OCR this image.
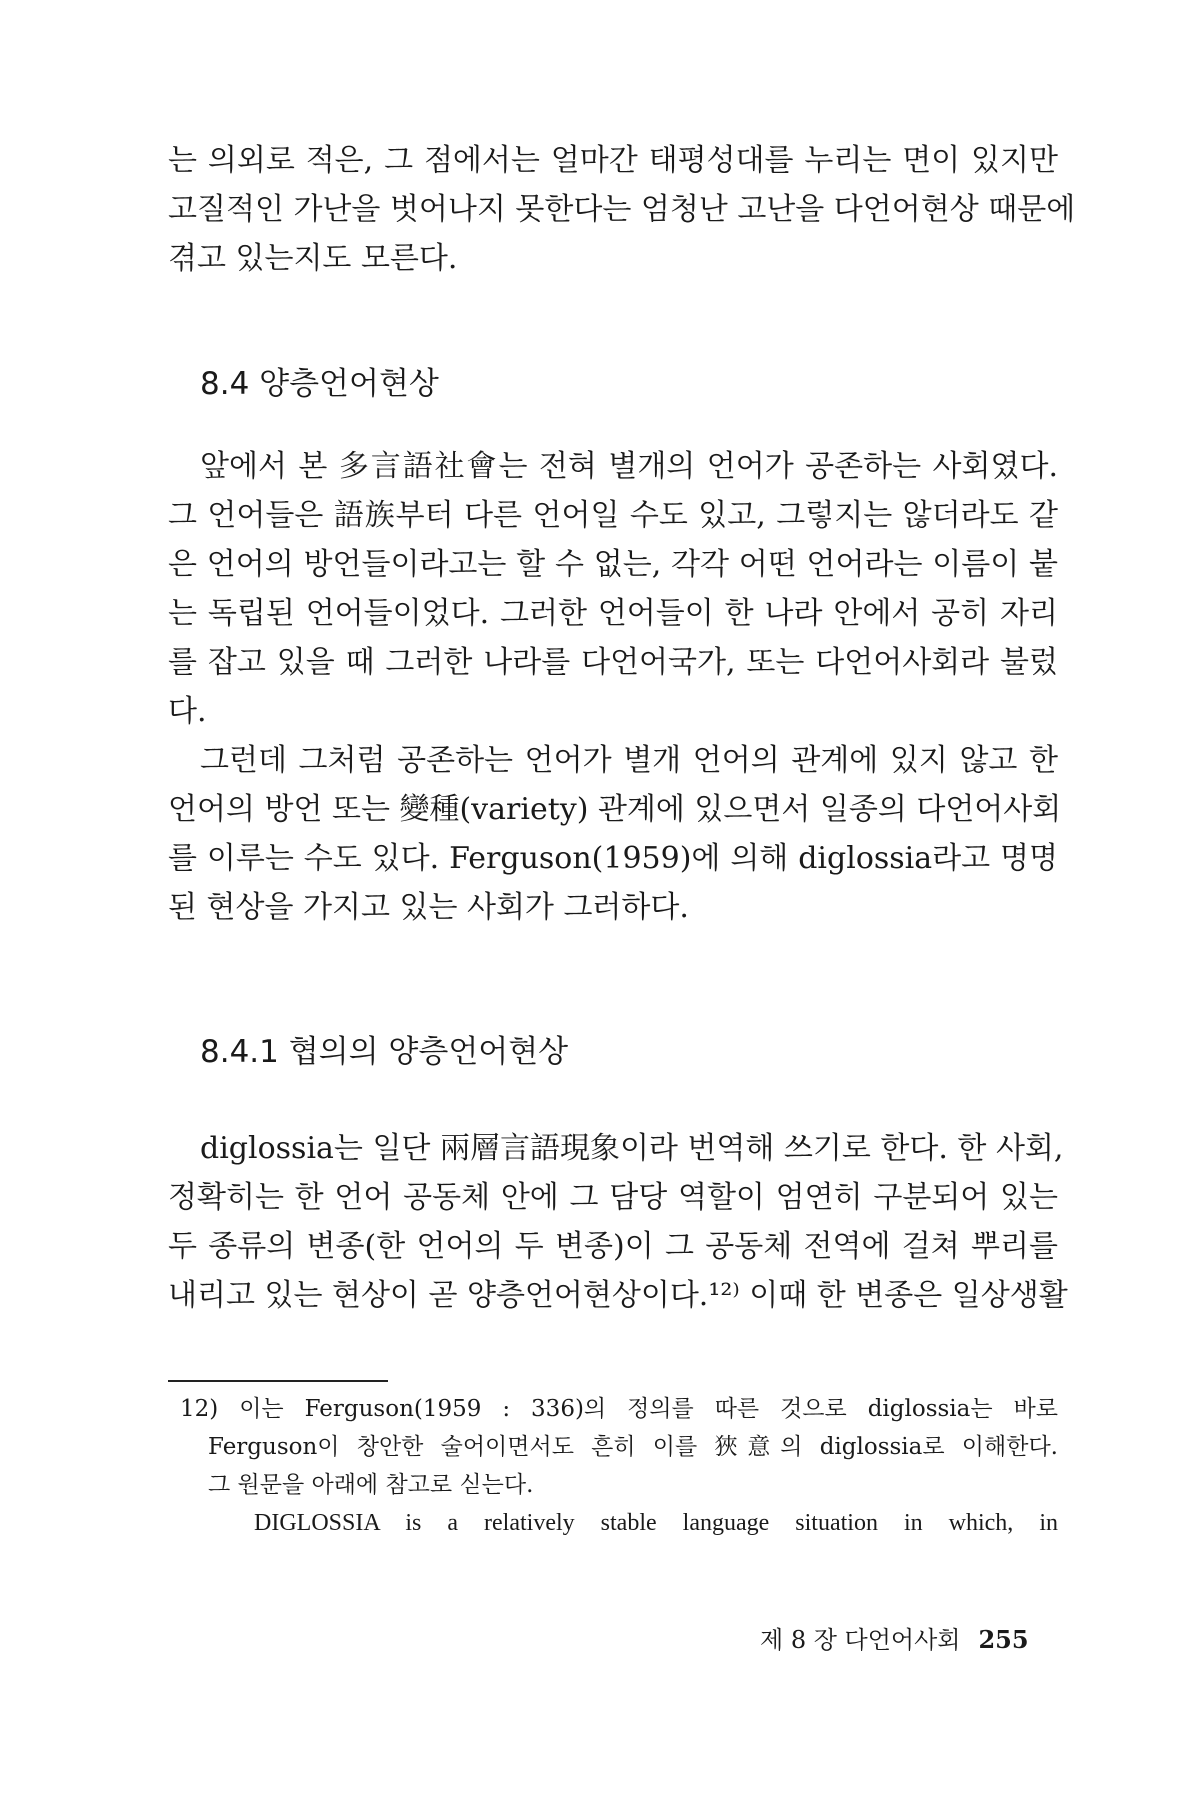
는 의외로 적은, 그 점에서는 얼마간 태평성대를 누리는 면이 있지만
고질적인 가난을 벗어나지 못한다는 엄청난 고난을 다언어현상 때문에
겪고 있는지도 모른다.
8.4 양층언어현상
앞에서 본 多言語社會는 전혀 별개의 언어가 공존하는 사회였다.
그 언어들은 語族부터 다른 언어일 수도 있고, 그렇지는 않더라도 같
은 언어의 방언들이라고는 할 수 없는, 각각 어떤 언어라는 이름이 붙
는 독립된 언어들이었다. 그러한 언어들이 한 나라 안에서 공히 자리
를 잡고 있을 때 그러한 나라를 다언어국가, 또는 다언어사회라 불렀
다.
그런데 그처럼 공존하는 언어가 별개 언어의 관계에 있지 않고 한
언어의 방언 또는 變種(variety) 관계에 있으면서 일종의 다언어사회
를 이루는 수도 있다. Ferguson(1959)에 의해 diglossia라고 명명
된 현상을 가지고 있는 사회가 그러하다.
8.4.1 협의의 양층언어현상
diglossia는 일단 兩層言語現象이라 번역해 쓰기로 한다. 한 사회,
정확히는 한 언어 공동체 안에 그 담당 역할이 엄연히 구분되어 있는
두 종류의 변종(한 언어의 두 변종)이 그 공동체 전역에 걸쳐 뿌리를
내리고 있는 현상이 곧 양층언어현상이다.¹²⁾ 이때 한 변종은 일상생활
12) 이는 Ferguson(1959 : 336)의 정의를 따른 것으로 diglossia는 바로
Ferguson이 창안한 술어이면서도 흔히 이를 狹意의 diglossia로 이해한다.
그 원문을 아래에 참고로 싣는다.
DIGLOSSIA is a relatively stable language situation in which, in
제 8 장 다언어사회 255
